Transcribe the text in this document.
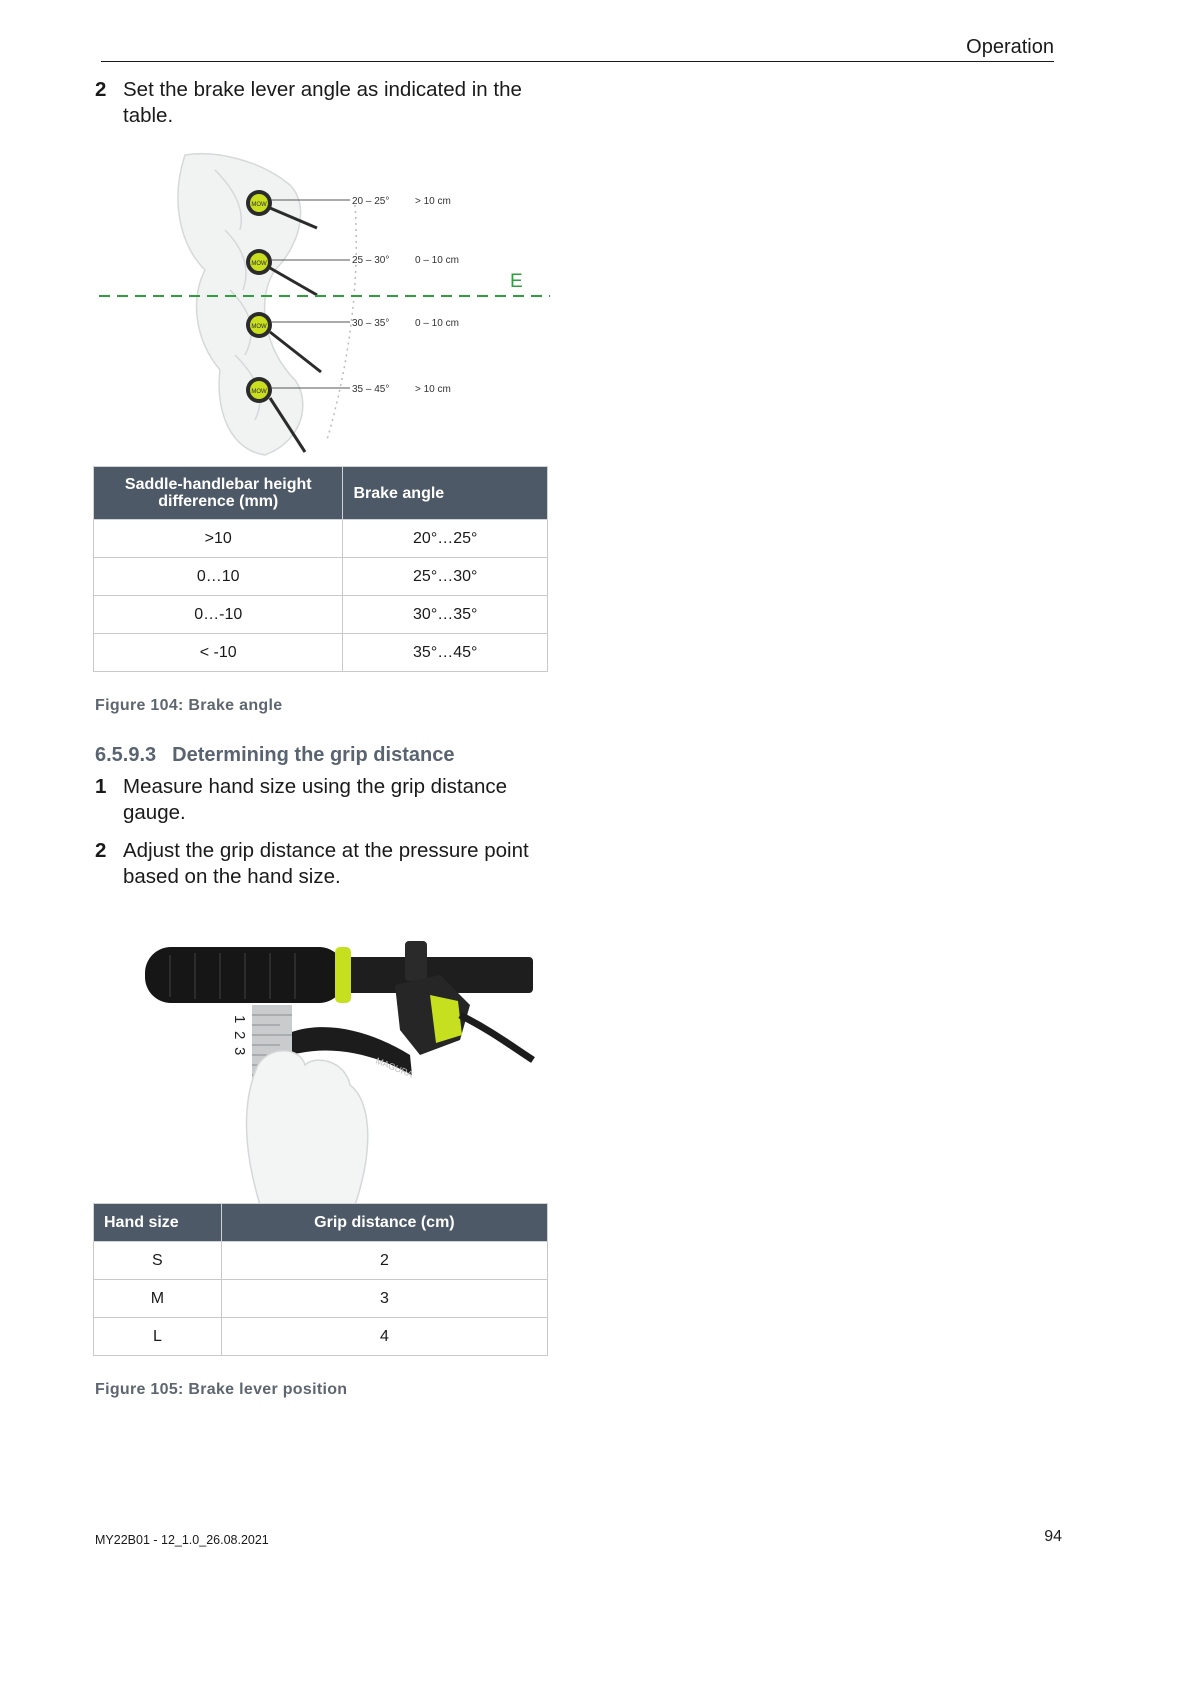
Operation
2 Set the brake lever angle as indicated in the table.
MOW	20 – 25°	> 10 cm
MOW	25 – 30°	0 – 10 cm
MOW	30 – 35°	0 – 10 cm
MOW	35 – 45°	> 10 cm
E
Saddle-handlebar height difference (mm)	Brake angle
>10	20°…25°
0…10	25°…30°
0…-10	30°…35°
< -10	35°…45°
Figure 104: Brake angle
6.5.9.3 Determining the grip distance
1 Measure hand size using the grip distance gauge.
2 Adjust the grip distance at the pressure point based on the hand size.
MAGURA
1
2
3
Hand size	Grip distance (cm)
S	2
M	3
L	4
Figure 105: Brake lever position
MY22B01 - 12_1.0_26.08.2021	94
